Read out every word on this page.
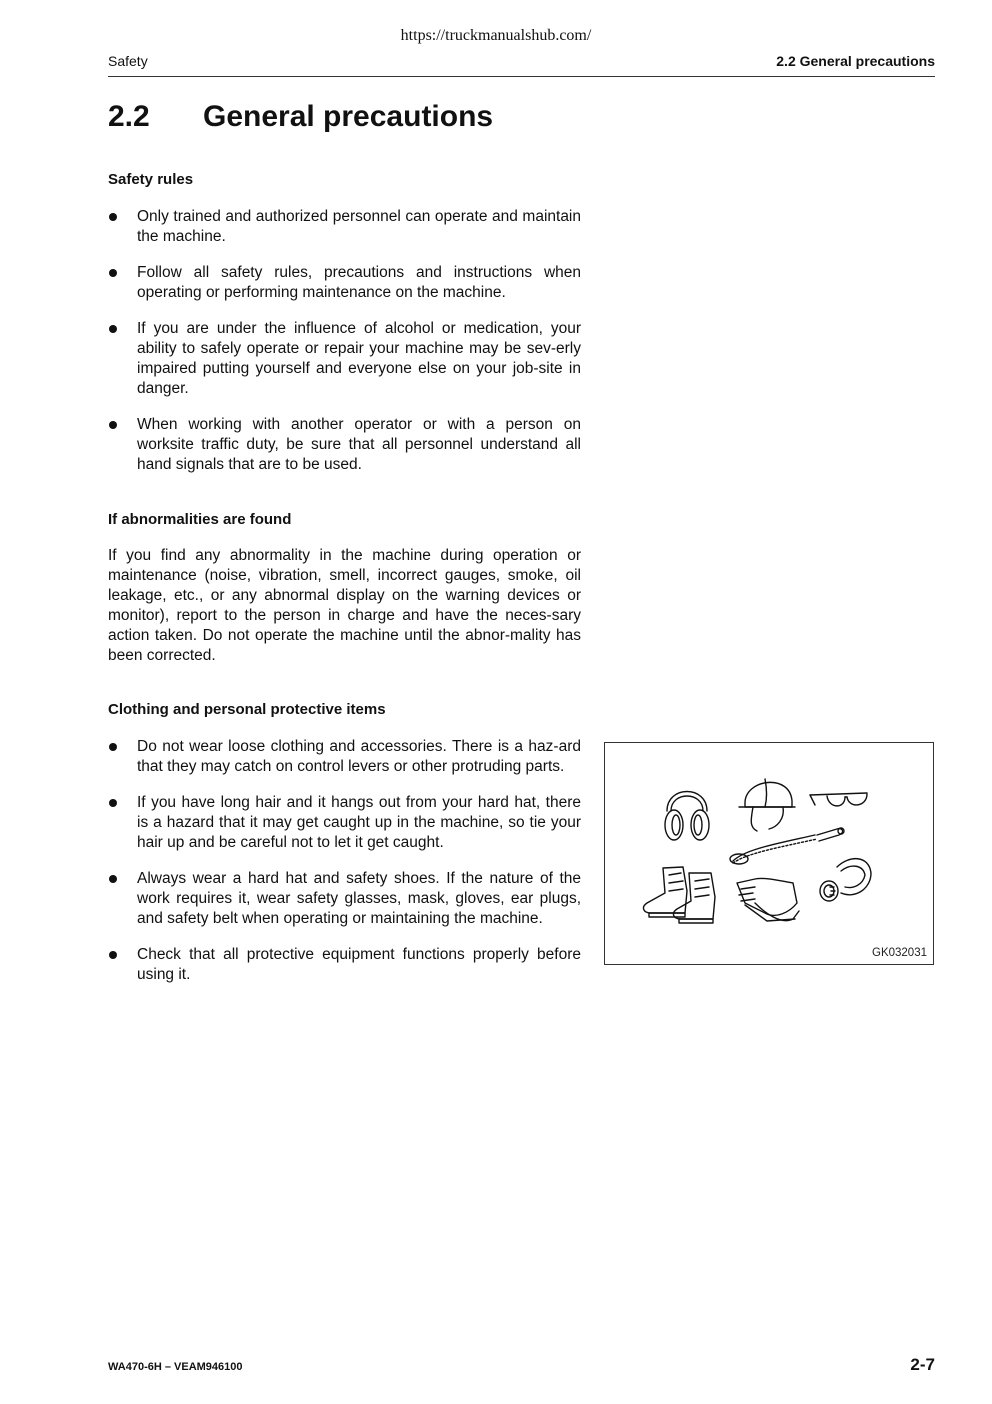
https://truckmanualshub.com/
Safety	2.2 General precautions
2.2 General precautions

Safety rules

Only trained and authorized personnel can operate and maintain the machine.
Follow all safety rules, precautions and instructions when operating or performing maintenance on the machine.
If you are under the influence of alcohol or medication, your ability to safely operate or repair your machine may be sev-erly impaired putting yourself and everyone else on your job-site in danger.
When working with another operator or with a person on worksite traffic duty, be sure that all personnel understand all hand signals that are to be used.

If abnormalities are found

If you find any abnormality in the machine during operation or maintenance (noise, vibration, smell, incorrect gauges, smoke, oil leakage, etc., or any abnormal display on the warning devices or monitor), report to the person in charge and have the neces-sary action taken. Do not operate the machine until the abnor-mality has been corrected.

Clothing and personal protective items

Do not wear loose clothing and accessories. There is a haz-ard that they may catch on control levers or other protruding parts.
If you have long hair and it hangs out from your hard hat, there is a hazard that it may get caught up in the machine, so tie your hair up and be careful not to let it get caught.
Always wear a hard hat and safety shoes. If the nature of the work requires it, wear safety glasses, mask, gloves, ear plugs, and safety belt when operating or maintaining the machine.
Check that all protective equipment functions properly before using it.
GK032031
WA470-6H – VEAM946100	2-7
